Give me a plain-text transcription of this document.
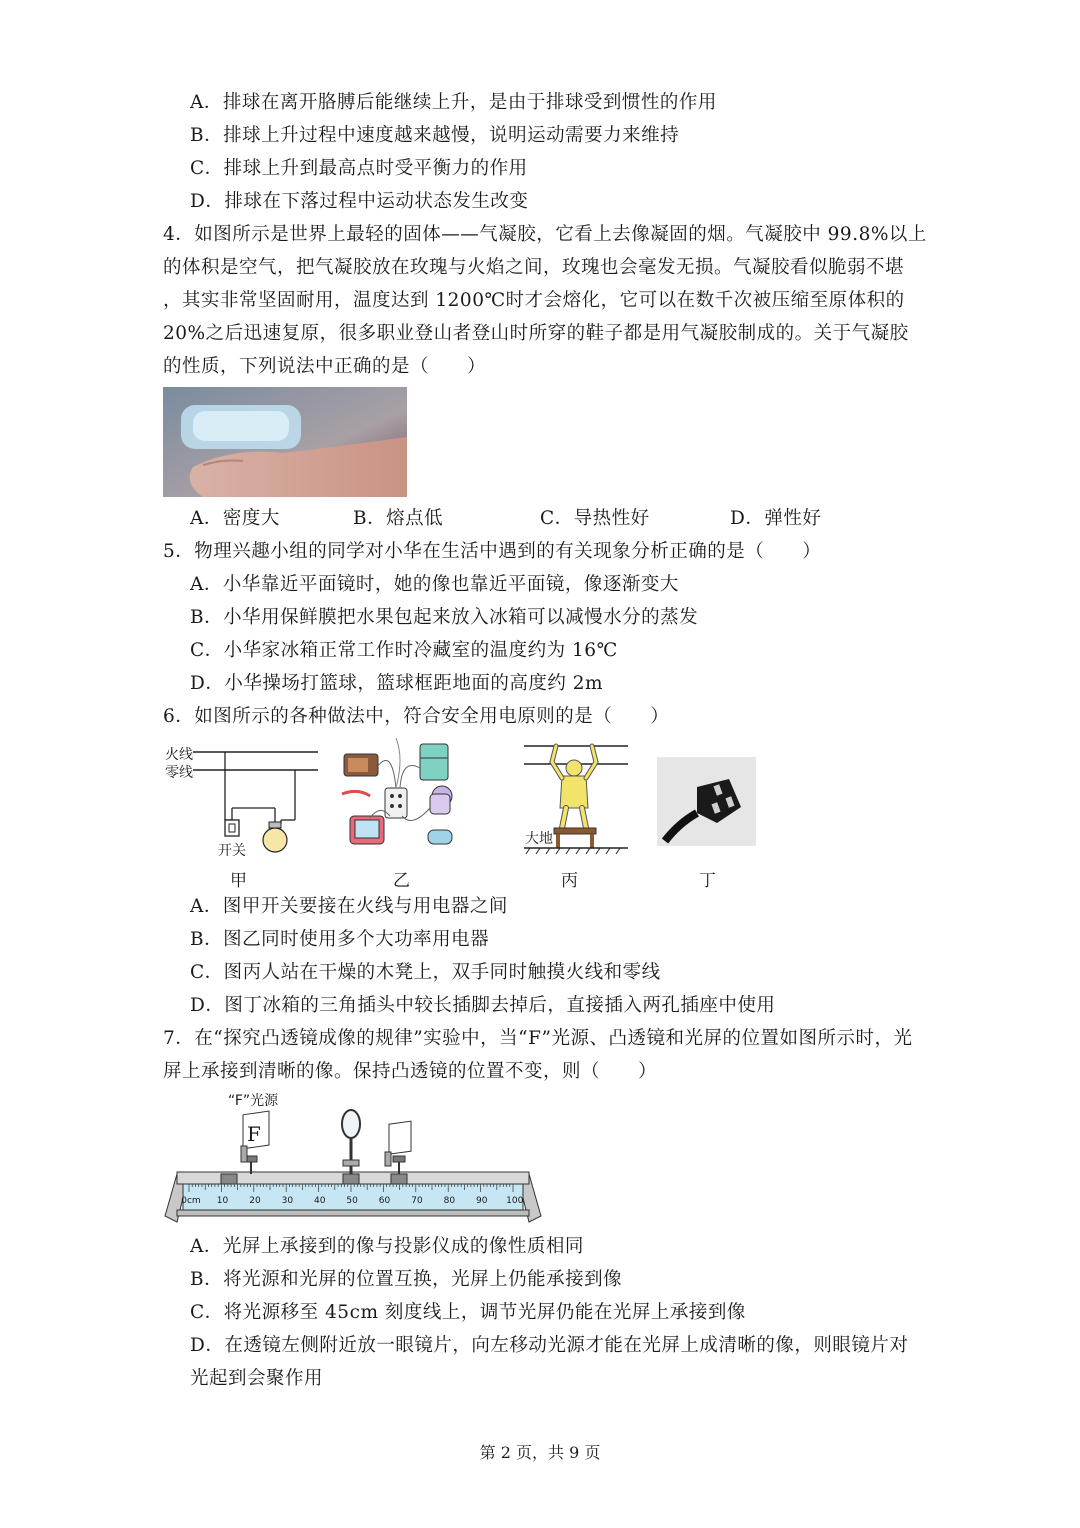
A．排球在离开胳膊后能继续上升，是由于排球受到惯性的作用
B．排球上升过程中速度越来越慢，说明运动需要力来维持
C．排球上升到最高点时受平衡力的作用
D．排球在下落过程中运动状态发生改变
4．如图所示是世界上最轻的固体——气凝胶，它看上去像凝固的烟。气凝胶中 99.8%以上
的体积是空气，把气凝胶放在玫瑰与火焰之间，玫瑰也会毫发无损。气凝胶看似脆弱不堪
，其实非常坚固耐用，温度达到 1200℃时才会熔化，它可以在数千次被压缩至原体积的
20%之后迅速复原，很多职业登山者登山时所穿的鞋子都是用气凝胶制成的。关于气凝胶
的性质，下列说法中正确的是（　　）
A．密度大	B．熔点低	C．导热性好	D．弹性好
5．物理兴趣小组的同学对小华在生活中遇到的有关现象分析正确的是（　　）
A．小华靠近平面镜时，她的像也靠近平面镜，像逐渐变大
B．小华用保鲜膜把水果包起来放入冰箱可以减慢水分的蒸发
C．小华家冰箱正常工作时冷藏室的温度约为 16℃
D．小华操场打篮球，篮球框距地面的高度约 2m
6．如图所示的各种做法中，符合安全用电原则的是（　　）
火线
零线
开关
大地
甲	乙	丙	丁
A．图甲开关要接在火线与用电器之间
B．图乙同时使用多个大功率用电器
C．图丙人站在干燥的木凳上，双手同时触摸火线和零线
D．图丁冰箱的三角插头中较长插脚去掉后，直接插入两孔插座中使用
7．在“探究凸透镜成像的规律”实验中，当“F”光源、凸透镜和光屏的位置如图所示时，光
屏上承接到清晰的像。保持凸透镜的位置不变，则（　　）
“F”光源
F
0cm 10 20 30 40 50 60 70 80 90 100
A．光屏上承接到的像与投影仪成的像性质相同
B．将光源和光屏的位置互换，光屏上仍能承接到像
C．将光源移至 45cm 刻度线上，调节光屏仍能在光屏上承接到像
D．在透镜左侧附近放一眼镜片，向左移动光源才能在光屏上成清晰的像，则眼镜片对
光起到会聚作用
第 2 页，共 9 页
